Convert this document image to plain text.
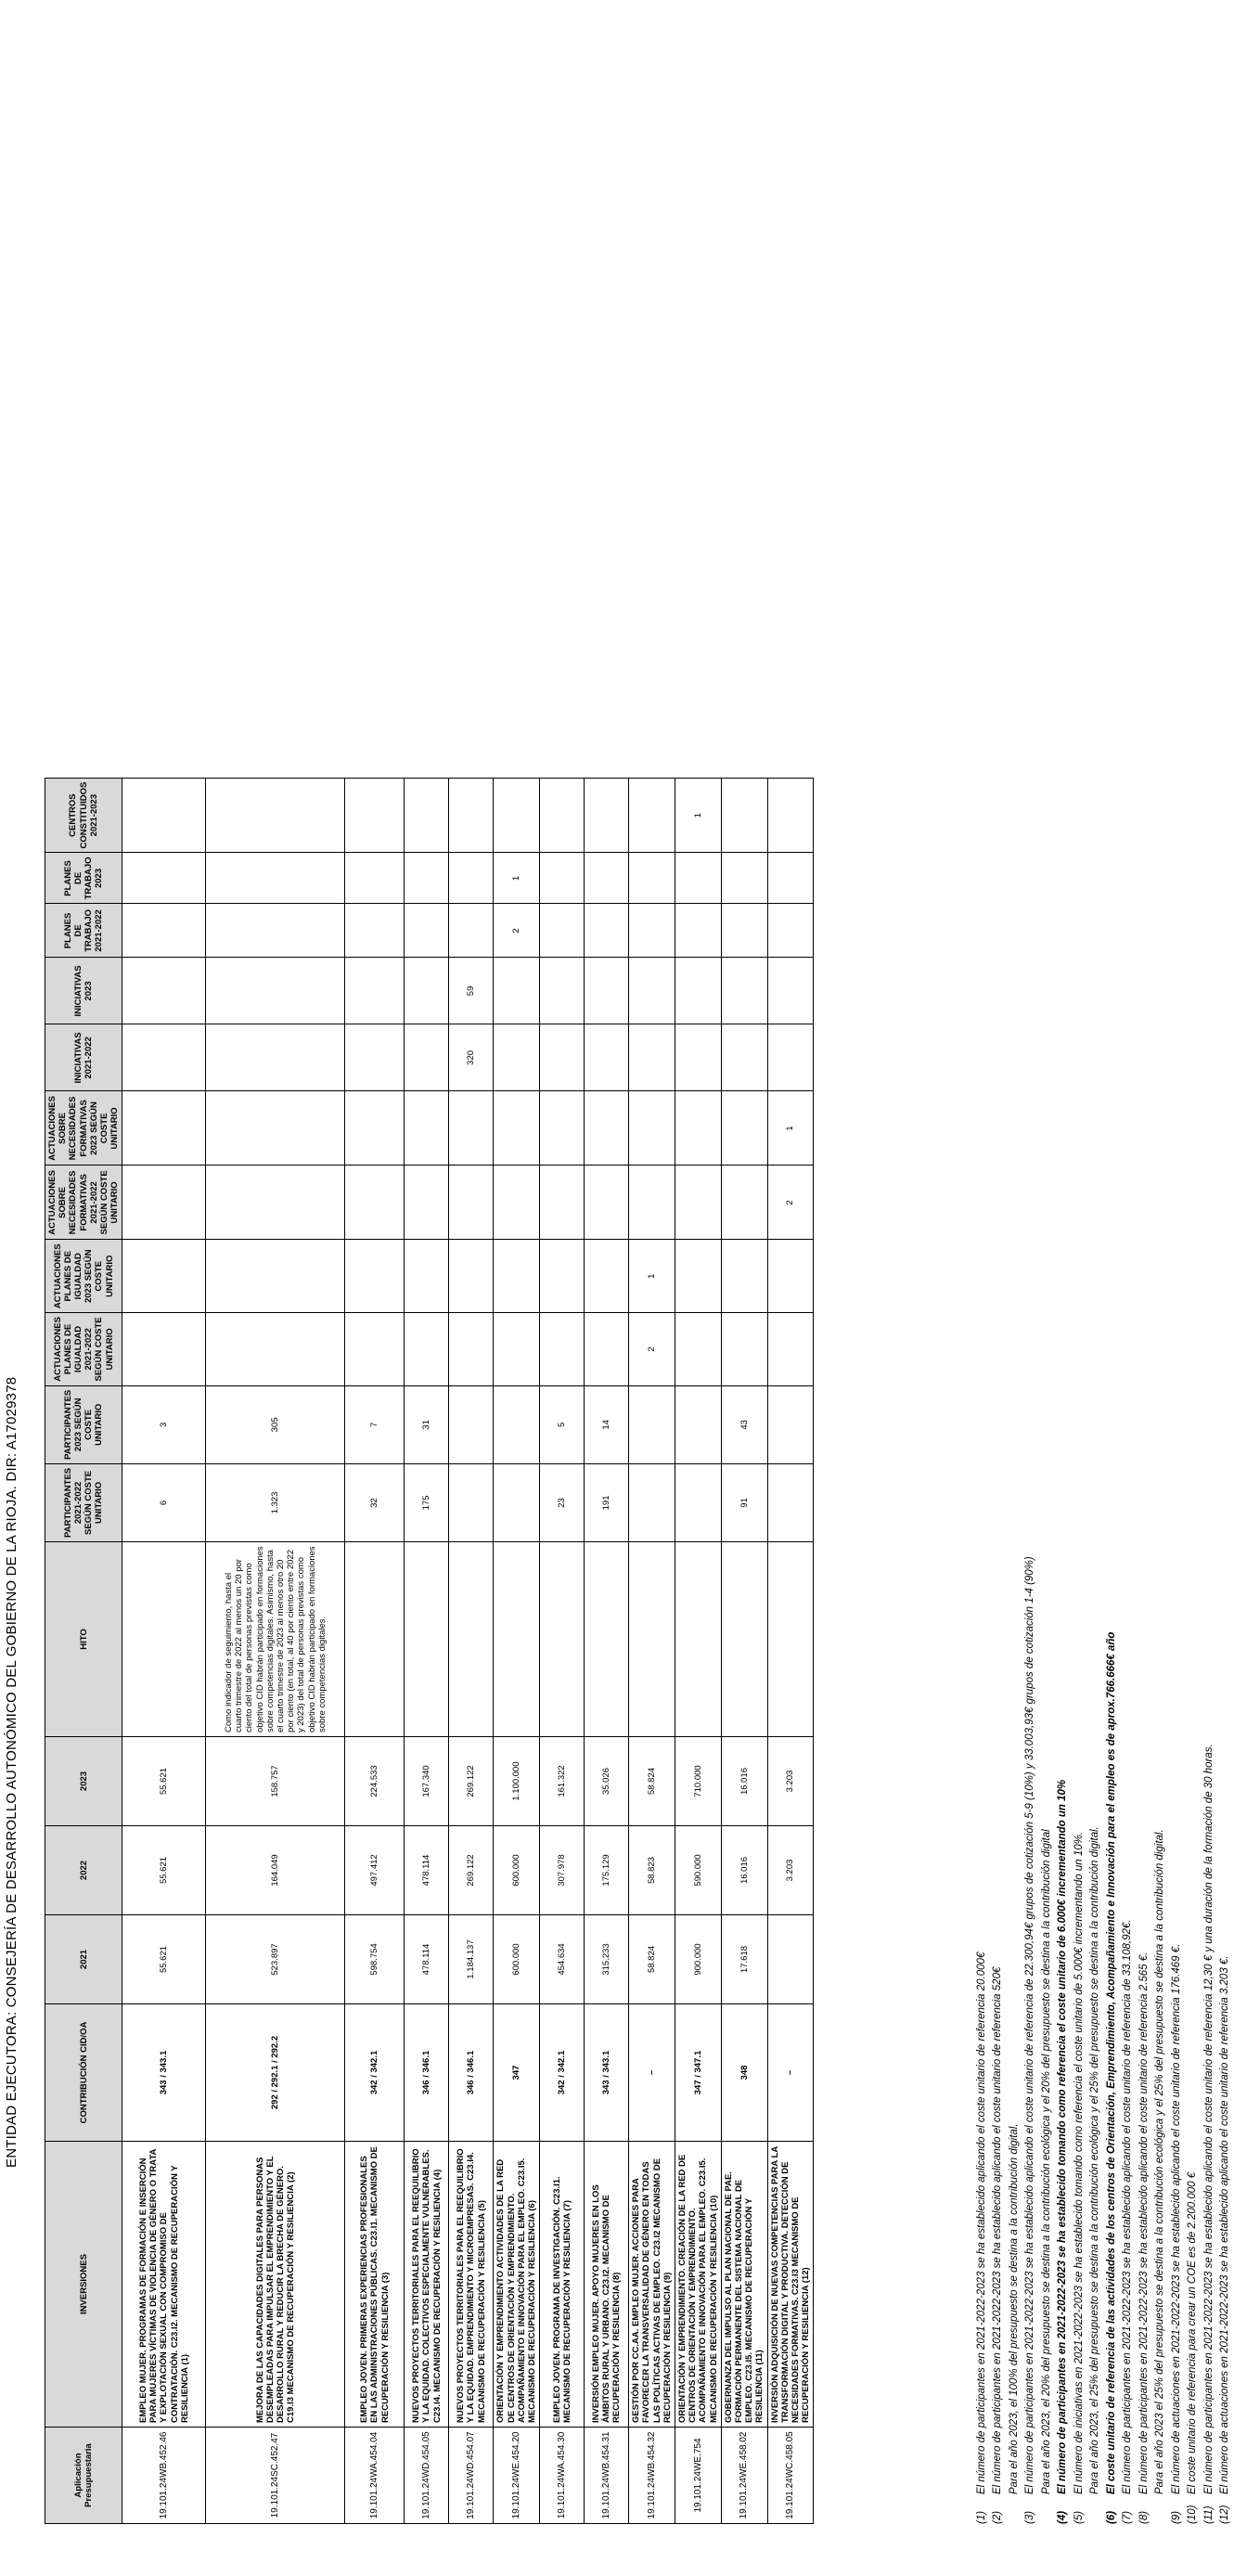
ENTIDAD EJECUTORA: CONSEJERÍA DE DESARROLLO AUTONÓMICO DEL GOBIERNO DE LA RIOJA. DIR: A17029378
Aplicación Presupuestaria	INVERSIONES	CONTRIBUCIÓN CID/OA	2021	2022	2023	HITO	PARTICIPANTES 2021-2022 SEGÚN COSTE UNITARIO	PARTICIPANTES 2023 SEGÚN COSTE UNITARIO	ACTUACIONES PLANES DE IGUALDAD 2021-2022 SEGÚN COSTE UNITARIO	ACTUACIONES PLANES DE IGUALDAD 2023 SEGÚN COSTE UNITARIO	ACTUACIONES SOBRE NECESIDADES FORMATIVAS 2021-2022 SEGÚN COSTE UNITARIO	ACTUACIONES SOBRE NECESIDADES FORMATIVAS 2023 SEGÚN COSTE UNITARIO	INICIATIVAS 2021-2022	INICIATIVAS 2023	PLANES DE TRABAJO 2021-2022	PLANES DE TRABAJO 2023	CENTROS CONSTITUIDOS 2021-2023
19.101.24WB.452.46	EMPLEO MUJER. PROGRAMAS DE FORMACIÓN E INSERCIÓN PARA MUJERES VÍCTIMAS DE VIOLENCIA DE GÉNERO O TRATA Y EXPLOTACIÓN SEXUAL CON COMPROMISO DE CONTRATACIÓN. C23.I2. MECANISMO DE RECUPERACIÓN Y RESILIENCIA (1)	343 / 343.1	55.621	55.621	55.621		6	3									
19.101.24SC.452.47	MEJORA DE LAS CAPACIDADES DIGITALES PARA PERSONAS DESEMPLEADAS PARA IMPULSAR EL EMPRENDIMIENTO Y EL DESARROLLO RURAL Y REDUCIR LA BRECHA DE GÉNERO. C19.I3 MECANISMO DE RECUPERACIÓN Y RESILIENCIA (2)	292 / 292.1 / 292.2	523.897	164.049	158.757	Como indicador de seguimiento, hasta el cuarto trimestre de 2022 al menos un 20 por ciento del total de personas previstas como objetivo CID habrán participado en formaciones sobre competencias digitales. Asimismo, hasta el cuarto trimestre de 2023 al menos otro 20 por ciento (en total, al 40 por ciento entre 2022 y 2023) del total de personas previstas como objetivo CID habrán participado en formaciones sobre competencias digitales.	1.323	305									
19.101.24WA.454.04	EMPLEO JOVEN. PRIMERAS EXPERIENCIAS PROFESIONALES EN LAS ADMINISTRACIONES PÚBLICAS. C23.I1. MECANISMO DE RECUPERACIÓN Y RESILIENCIA (3)	342 / 342.1	598.754	497.412	224.533		32	7									
19.101.24WD.454.05	NUEVOS PROYECTOS TERRITORIALES PARA EL REEQUILIBRIO Y LA EQUIDAD. COLECTIVOS ESPECIALMENTE VULNERABLES. C23.I4. MECANISMO DE RECUPERACIÓN Y RESILIENCIA (4)	346 / 346.1	478.114	478.114	167.340		175	31									
19.101.24WD.454.07	NUEVOS PROYECTOS TERRITORIALES PARA EL REEQUILIBRIO Y LA EQUIDAD. EMPRENDIMIENTO Y MICROEMPRESAS. C23.I4. MECANISMO DE RECUPERACIÓN Y RESILIENCIA (5)	346 / 346.1	1.184.137	269.122	269.122								320	59			
19.101.24WE.454.20	ORIENTACIÓN Y EMPRENDIMIENTO ACTIVIDADES DE LA RED DE CENTROS DE ORIENTACIÓN Y EMPRENDIMIENTO. ACOMPAÑAMIENTO E INNOVACIÓN PARA EL EMPLEO. C23.I5. MECANISMO DE RECUPERACIÓN Y RESILIENCIA (6)	347	600.000	600.000	1.100.000										2	1	
19.101.24WA.454.30	EMPLEO JOVEN. PROGRAMA DE INVESTIGACIÓN. C23.I1. MECANISMO DE RECUPERACIÓN Y RESILIENCIA (7)	342 / 342.1	454.634	307.978	161.322		23	5									
19.101.24WB.454.31	INVERSIÓN EMPLEO MUJER. APOYO MUJERES EN LOS ÁMBITOS RURAL Y URBANO. C23.I2. MECANISMO DE RECUPERACIÓN Y RESILIENCIA (8)	343 / 343.1	315.233	175.129	35.026		191	14									
19.101.24WB.454.32	GESTIÓN POR CC.AA. EMPLEO MUJER. ACCIONES PARA FAVORECER LA TRANSVERSALIDAD DE GÉNERO EN TODAS LAS POLÍTICAS ACTIVAS DE EMPLEO. C23.I2 MECANISMO DE RECUPERACIÓN Y RESILIENCIA (9)	–	58.824	58.823	58.824				2	1							
19.101.24WE.754	ORIENTACIÓN Y EMPRENDIMIENTO. CREACIÓN DE LA RED DE CENTROS DE ORIENTACIÓN Y EMPRENDIMIENTO. ACOMPAÑAMIENTO E INNOVACIÓN PARA EL EMPLEO. C23.I5. MECANISMO DE RECUPERACIÓN Y RESILIENCIA (10)	347 / 347.1	900.000	590.000	710.000												1
19.101.24WE.458.02	GOBERNANZA DEL IMPULSO AL PLAN NACIONAL DE PAE. FORMACIÓN PERMANENTE DEL SISTEMA NACIONAL DE EMPLEO. C23.I5. MECANISMO DE RECUPERACIÓN Y RESILIENCIA (11)	348	17.618	16.016	16.016		91	43									
19.101.24WC.458.05	INVERSIÓN ADQUISICIÓN DE NUEVAS COMPETENCIAS PARA LA TRANSFORMACIÓN DIGITAL Y PRODUCTIVA. DETECCIÓN DE NECESIDADES FORMATIVAS. C23.I3 MECANISMO DE RECUPERACIÓN Y RESILIENCIA (12)	–		3.203	3.203						2	1					
(1)
El número de participantes en 2021-2022-2023 se ha establecido aplicando el coste unitario de referencia 20.000€
(2)
El número de participantes en 2021-2022-2023 se ha establecido aplicando el coste unitario de referencia 520€ Para el año 2023, el 100% del presupuesto se destina a la contribución digital.
(3)
El número de participantes en 2021-2022-2023 se ha establecido aplicando el coste unitario de referencia de 22.300,94€ grupos de cotización 5-9 (10%) y 33.003,93€ grupos de cotización 1-4 (90%) Para el año 2023, el 20% del presupuesto se destina a la contribución ecológica y el 20% del presupuesto se destina a la contribución digital
(4)
El número de participantes en 2021-2022-2023 se ha establecido tomando como referencia el coste unitario de 6.000€ incrementando un 10%
(5)
El número de iniciativas en 2021-2022-2023 se ha establecido tomando como referencia el coste unitario de 5.000€ incrementando un 10%. Para el año 2023, el 25% del presupuesto se destina a la contribución ecológica y el 25% del presupuesto se destina a la contribución digital.
(6)
El coste unitario de referencia de las actividades de los centros de Orientación, Emprendimiento, Acompañamiento e Innovación para el empleo es de aprox.766.666€ año
(7)
El número de participantes en 2021-2022-2023 se ha establecido aplicando el coste unitario de referencia de 33.108,92€.
(8)
El número de participantes en 2021-2022-2023 se ha establecido aplicando el coste unitario de referencia 2.565 €. Para el año 2023 el 25% del presupuesto se destina a la contribución ecológica y el 25% del presupuesto se destina a la contribución digital.
(9)
El número de actuaciones en 2021-2022-2023 se ha establecido aplicando el coste unitario de referencia 176.469 €.
(10)
El coste unitario de referencia para crear un COE es de 2.200.000 €
(11)
El número de participantes en 2021-2022-2023 se ha establecido aplicando el coste unitario de referencia 12,30 € y una duración de la formación de 30 horas.
(12)
El número de actuaciones en 2021-2022-2023 se ha establecido aplicando el coste unitario de referencia 3.203 €.
